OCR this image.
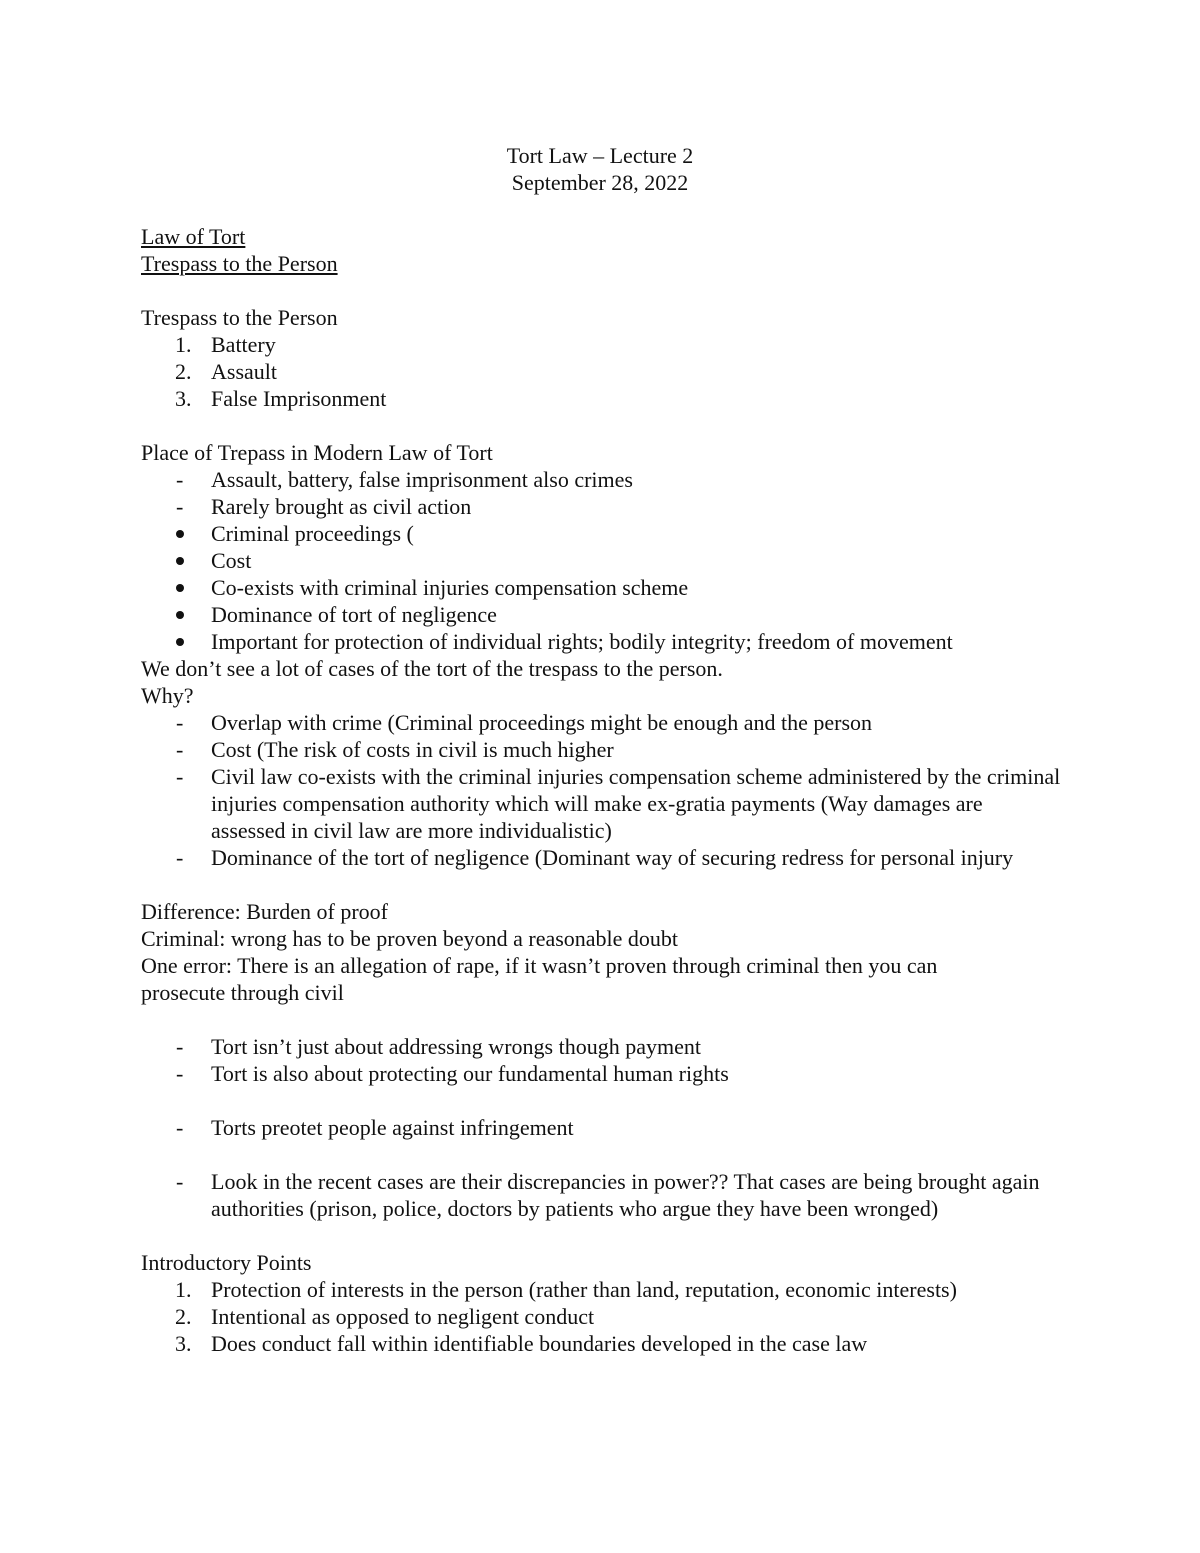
Tort Law – Lecture 2
September 28, 2022
Law of Tort
Trespass to the Person
Trespass to the Person
1. Battery
2. Assault
3. False Imprisonment
Place of Trepass in Modern Law of Tort
-	Assault, battery, false imprisonment also crimes
-	Rarely brought as civil action
Criminal proceedings (
Cost
Co-exists with criminal injuries compensation scheme
Dominance of tort of negligence
Important for protection of individual rights; bodily integrity; freedom of movement
We don’t see a lot of cases of the tort of the trespass to the person.
Why?
-	Overlap with crime (Criminal proceedings might be enough and the person
-	Cost (The risk of costs in civil is much higher
-	Civil law co-exists with the criminal injuries compensation scheme administered by the criminal injuries compensation authority which will make ex-gratia payments (Way damages are assessed in civil law are more individualistic)
-	Dominance of the tort of negligence (Dominant way of securing redress for personal injury
Difference: Burden of proof
Criminal: wrong has to be proven beyond a reasonable doubt
One error: There is an allegation of rape, if it wasn’t proven through criminal then you can prosecute through civil
-	Tort isn’t just about addressing wrongs though payment
-	Tort is also about protecting our fundamental human rights
-	Torts preotet people against infringement
-	Look in the recent cases are their discrepancies in power?? That cases are being brought again authorities (prison, police, doctors by patients who argue they have been wronged)
Introductory Points
1. Protection of interests in the person (rather than land, reputation, economic interests)
2. Intentional as opposed to negligent conduct
3. Does conduct fall within identifiable boundaries developed in the case law
